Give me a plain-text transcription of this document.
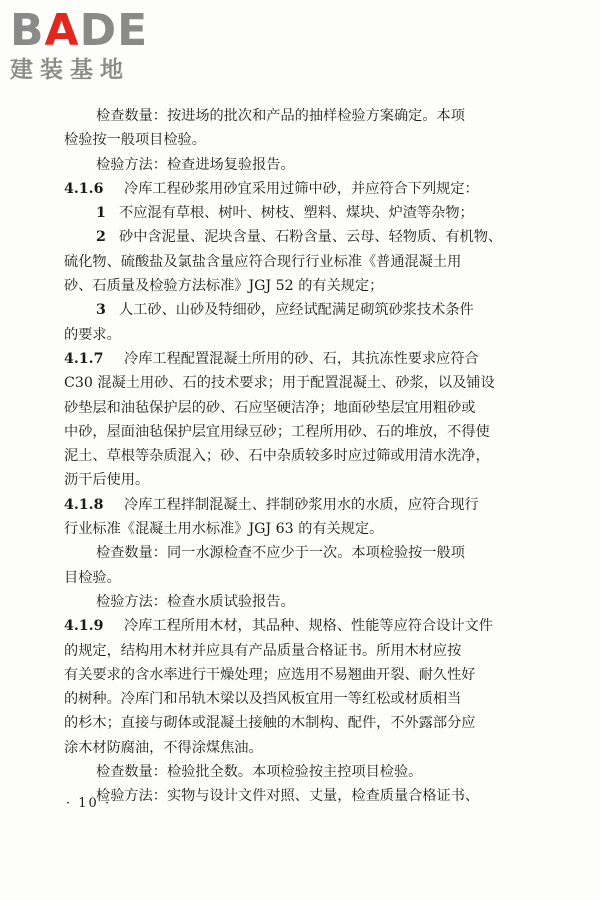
BADE
建装基地
检查数量：按进场的批次和产品的抽样检验方案确定。本项
检验按一般项目检验。
检验方法：检查进场复验报告。
4.1.6 冷库工程砂浆用砂宜采用过筛中砂，并应符合下列规定：
1 不应混有草根、树叶、树枝、塑料、煤块、炉渣等杂物；
2 砂中含泥量、泥块含量、石粉含量、云母、轻物质、有机物、
硫化物、硫酸盐及氯盐含量应符合现行行业标准《普通混凝土用
砂、石质量及检验方法标准》JGJ 52 的有关规定；
3 人工砂、山砂及特细砂，应经试配满足砌筑砂浆技术条件
的要求。
4.1.7 冷库工程配置混凝土所用的砂、石，其抗冻性要求应符合
C30 混凝土用砂、石的技术要求；用于配置混凝土、砂浆，以及铺设
砂垫层和油毡保护层的砂、石应坚硬洁净；地面砂垫层宜用粗砂或
中砂，屋面油毡保护层宜用绿豆砂；工程所用砂、石的堆放，不得使
泥土、草根等杂质混入；砂、石中杂质较多时应过筛或用清水洗净，
沥干后使用。
4.1.8 冷库工程拌制混凝土、拌制砂浆用水的水质，应符合现行
行业标准《混凝土用水标准》JGJ 63 的有关规定。
检查数量：同一水源检查不应少于一次。本项检验按一般项
目检验。
检验方法：检查水质试验报告。
4.1.9 冷库工程所用木材，其品种、规格、性能等应符合设计文件
的规定，结构用木材并应具有产品质量合格证书。所用木材应按
有关要求的含水率进行干燥处理；应选用不易翘曲开裂、耐久性好
的树种。冷库门和吊轨木梁以及挡风板宜用一等红松或材质相当
的杉木；直接与砌体或混凝土接触的木制构、配件，不外露部分应
涂木材防腐油，不得涂煤焦油。
检查数量：检验批全数。本项检验按主控项目检验。
检验方法：实物与设计文件对照、丈量，检查质量合格证书、
· 10 ·
